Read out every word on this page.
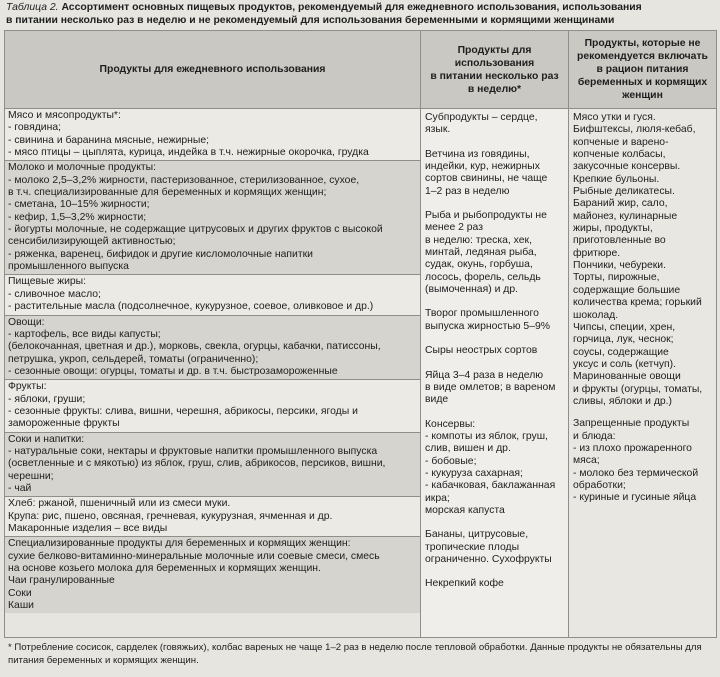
Таблица 2. Ассортимент основных пищевых продуктов, рекомендуемый для ежедневного использования, использования
в питании несколько раз в неделю и не рекомендуемый для использования беременными и кормящими женщинами
Продукты для ежедневного использования
Продукты для
использования
в питании несколько раз
в неделю*
Продукты, которые не
рекомендуется включать
в рацион питания
беременных и кормящих
женщин
Мясо и мясопродукты*:
- говядина;
- свинина и баранина мясные, нежирные;
- мясо птицы – цыплята, курица, индейка в т.ч. нежирные окорочка, грудка
Молоко и молочные продукты:
- молоко 2,5–3,2% жирности, пастеризованное, стерилизованное, сухое,
в т.ч. специализированные для беременных и кормящих женщин;
- сметана, 10–15% жирности;
- кефир, 1,5–3,2% жирности;
- йогурты молочные, не содержащие цитрусовых и других фруктов с высокой
сенсибилизирующей активностью;
- ряженка, варенец, бифидок и другие кисломолочные напитки
промышленного выпуска
Пищевые жиры:
- сливочное масло;
- растительные масла (подсолнечное, кукурузное, соевое, оливковое и др.)
Овощи:
- картофель, все виды капусты;
(белокочанная, цветная и др.), морковь, свекла, огурцы, кабачки, патиссоны,
петрушка, укроп, сельдерей, томаты (ограниченно);
- сезонные овощи: огурцы, томаты и др. в т.ч. быстрозамороженные
Фрукты:
- яблоки, груши;
- сезонные фрукты: слива, вишни, черешня, абрикосы, персики, ягоды и
замороженные фрукты
Соки и напитки:
- натуральные соки, нектары и фруктовые напитки промышленного выпуска
(осветленные и с мякотью) из яблок, груш, слив, абрикосов, персиков, вишни,
черешни;
- чай
Хлеб: ржаной, пшеничный или из смеси муки.
Крупа: рис, пшено, овсяная, гречневая, кукурузная, ячменная и др.
Макаронные изделия – все виды
Специализированные продукты для беременных и кормящих женщин:
сухие белково-витаминно-минеральные молочные или соевые смеси, смесь
на основе козьего молока для беременных и кормящих женщин.
Чаи гранулированные
Соки
Каши
Субпродукты – сердце,
язык.
Ветчина из говядины,
индейки, кур, нежирных
сортов свинины, не чаще
1–2 раз в неделю
Рыба и рыбопродукты не
менее 2 раз
в неделю: треска, хек,
минтай, ледяная рыба,
судак, окунь, горбуша,
лосось, форель, сельдь
(вымоченная) и др.
Творог промышленного
выпуска жирностью 5–9%
Сыры неострых сортов
Яйца 3–4 раза в неделю
в виде омлетов; в вареном
виде
Консервы:
- компоты из яблок, груш,
слив, вишен и др.
- бобовые;
- кукуруза сахарная;
- кабачковая, баклажанная
икра;
морская капуста
Бананы, цитрусовые,
тропические плоды
ограниченно. Сухофрукты
Некрепкий кофе
Мясо утки и гуся.
Бифштексы, люля-кебаб,
копченые и варено-
копченые колбасы,
закусочные консервы.
Крепкие бульоны.
Рыбные деликатесы.
Бараний жир, сало,
майонез, кулинарные
жиры, продукты,
приготовленные во
фритюре.
Пончики, чебуреки.
Торты, пирожные,
содержащие большие
количества крема; горький
шоколад.
Чипсы, специи, хрен,
горчица, лук, чеснок;
соусы, содержащие
уксус и соль (кетчуп).
Маринованные овощи
и фрукты (огурцы, томаты,
сливы, яблоки и др.)
Запрещенные продукты
и блюда:
- из плохо прожаренного
мяса;
- молоко без термической
обработки;
- куриные и гусиные яйца
* Потребление сосисок, сарделек (говяжьих), колбас вареных не чаще 1–2 раз в неделю после тепловой обработки. Данные продукты не обязательны для
питания беременных и кормящих женщин.
